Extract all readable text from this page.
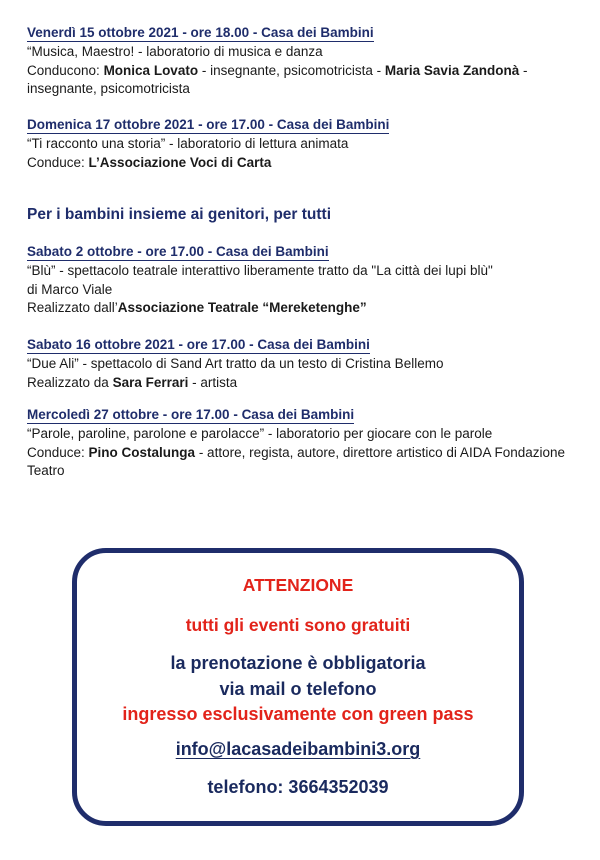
Venerdì 15 ottobre 2021 - ore 18.00 - Casa dei Bambini
“Musica, Maestro! - laboratorio di musica e danza
Conducono: Monica Lovato - insegnante, psicomotricista - Maria Savia Zandonà -
insegnante, psicomotricista
Domenica 17 ottobre 2021 - ore 17.00 - Casa dei Bambini
“Ti racconto una storia” - laboratorio di lettura animata
Conduce: L’Associazione Voci di Carta
Per i bambini insieme ai genitori, per tutti
Sabato 2 ottobre - ore 17.00 - Casa dei Bambini
“Blù” - spettacolo teatrale interattivo liberamente tratto da "La città dei lupi blù"
di Marco Viale
Realizzato dall’Associazione Teatrale “Mereketenghe”
Sabato 16 ottobre 2021 - ore 17.00 - Casa dei Bambini
“Due Ali” - spettacolo di Sand Art tratto da un testo di Cristina Bellemo
Realizzato da Sara Ferrari - artista
Mercoledì 27 ottobre - ore 17.00 - Casa dei Bambini
“Parole, paroline, parolone e parolacce” - laboratorio per giocare con le parole
Conduce: Pino Costalunga - attore, regista, autore, direttore artistico di AIDA Fondazione
Teatro
ATTENZIONE
tutti gli eventi sono gratuiti
la prenotazione è obbligatoria
via mail o telefono
ingresso esclusivamente con green pass
info@lacasadeibambini3.org
telefono: 3664352039
